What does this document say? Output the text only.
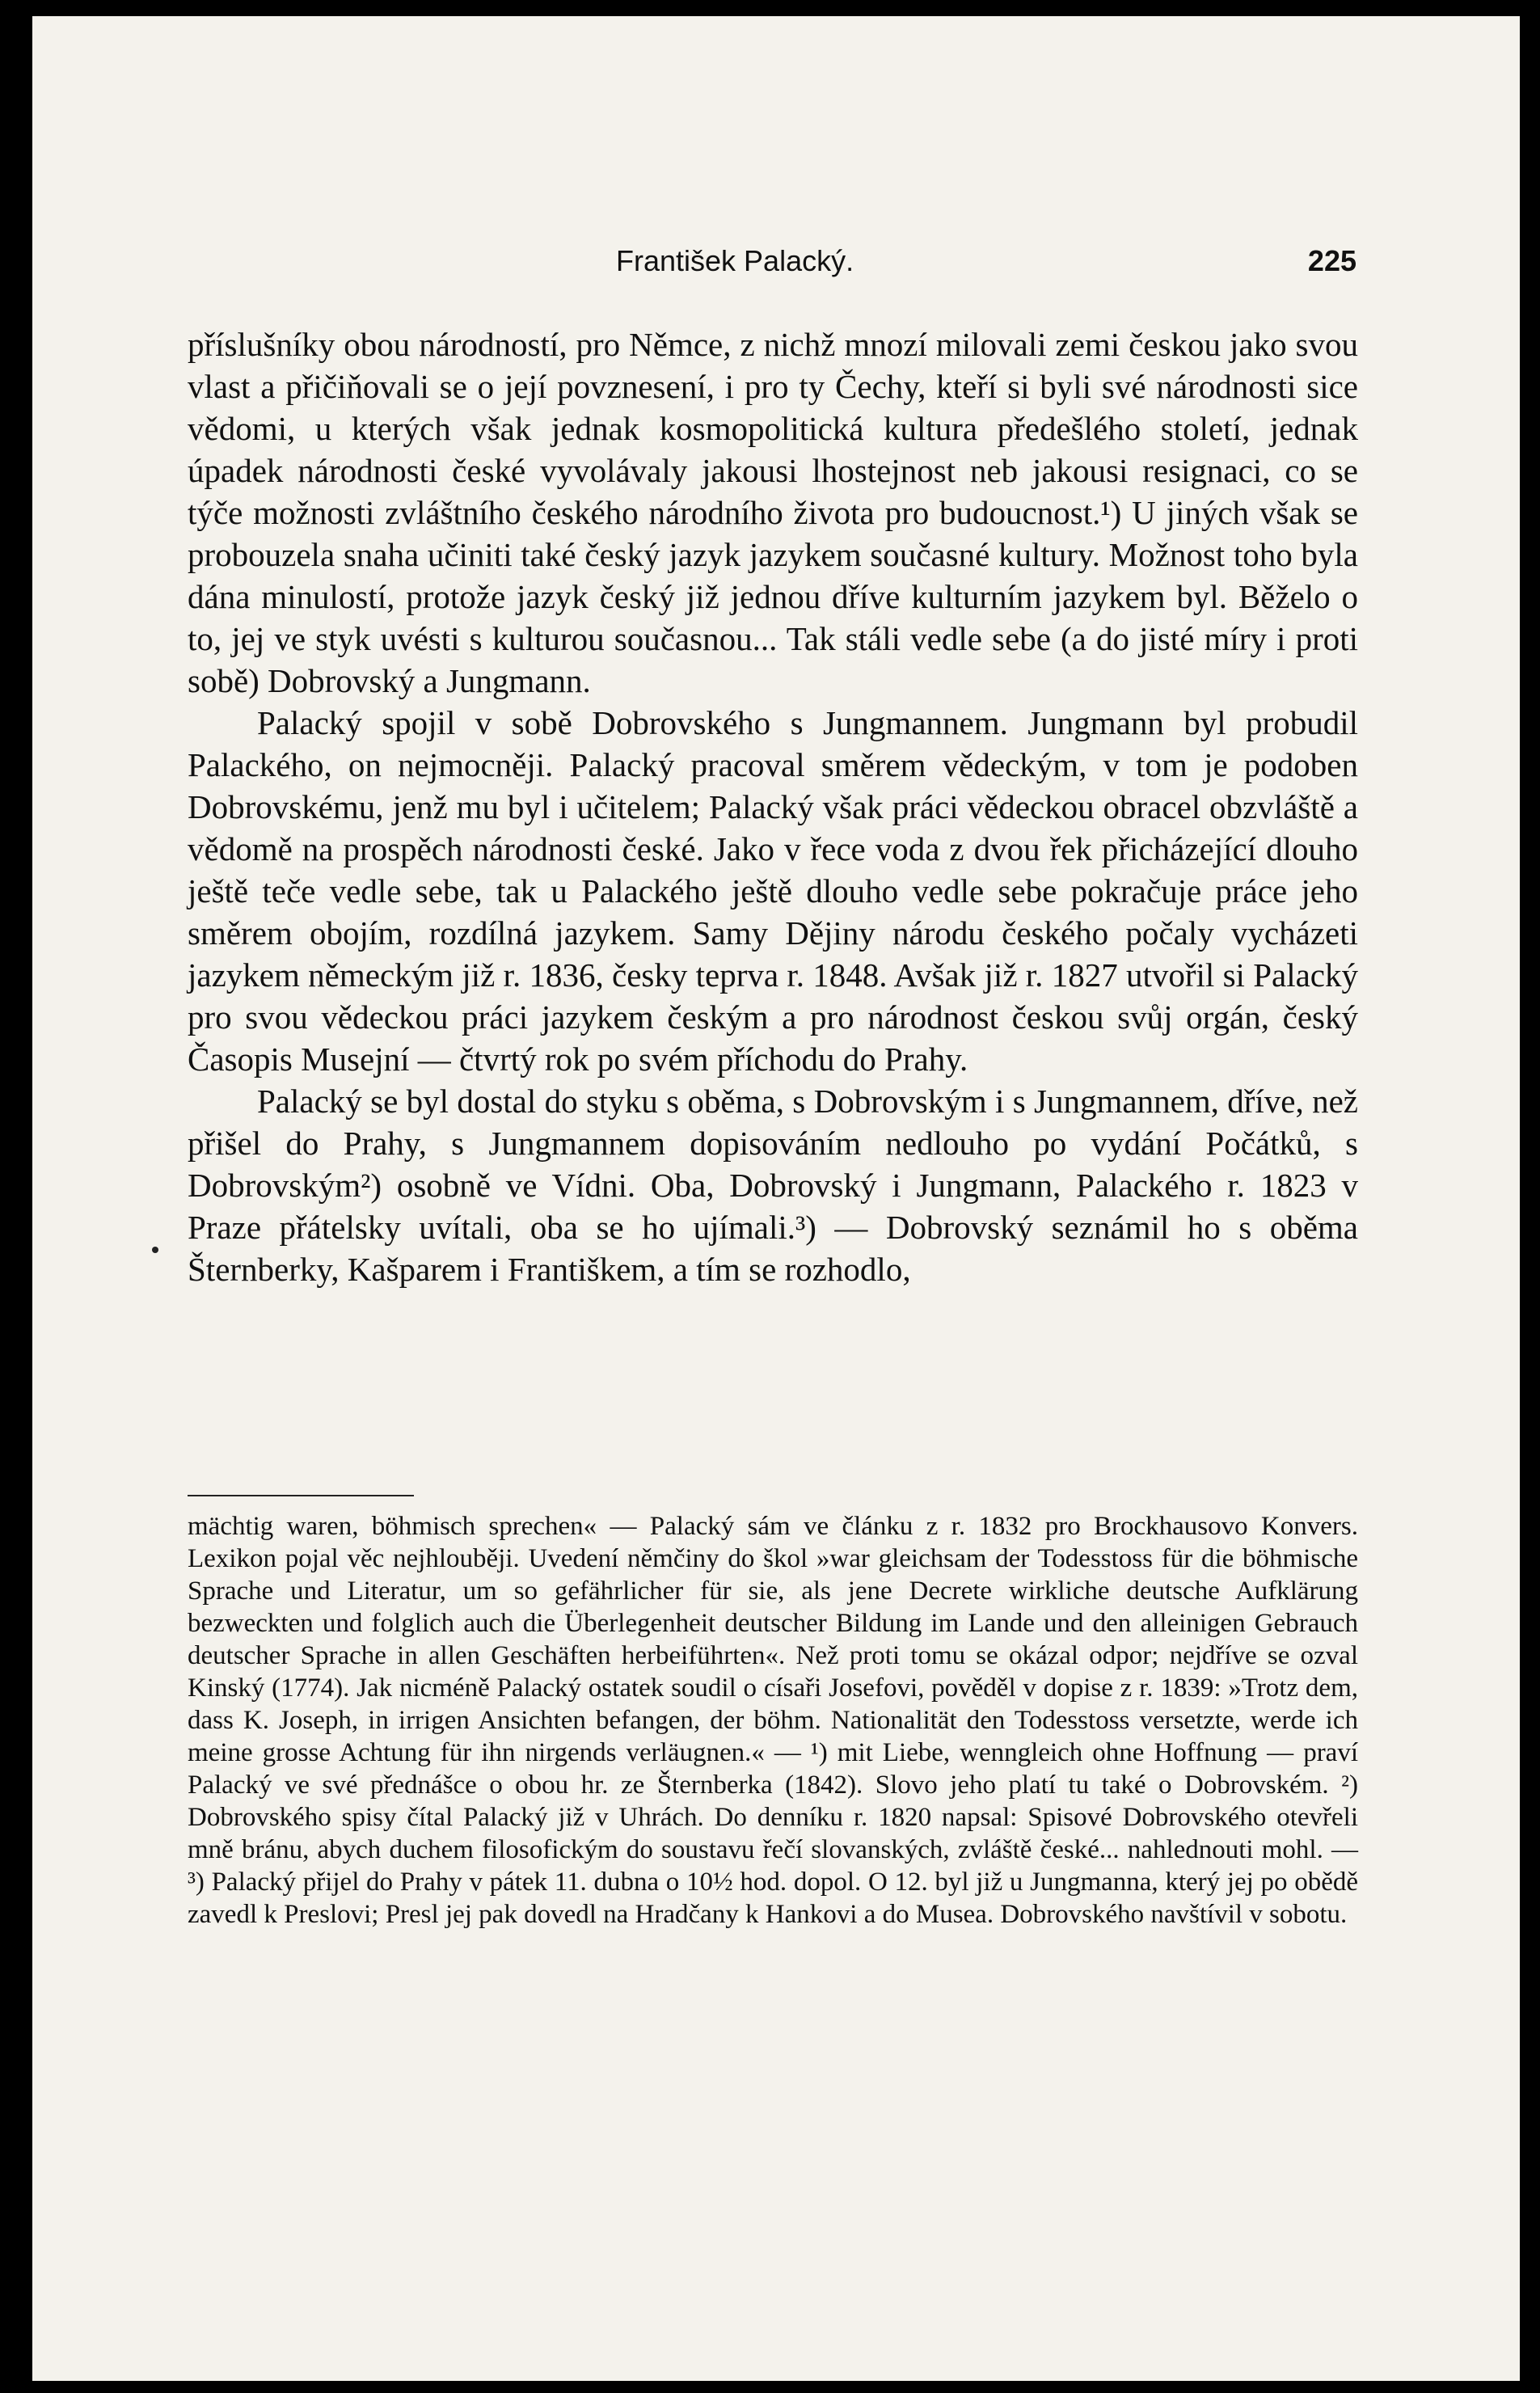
František Palacký.	225

příslušníky obou národností, pro Němce, z nichž mnozí milovali zemi českou jako svou vlast a přičiňovali se o její povznesení, i pro ty Čechy, kteří si byli své národnosti sice vědomi, u kterých však jednak kosmopolitická kultura předešlého století, jednak úpadek národnosti české vyvolávaly jakousi lhostejnost neb jakousi resignaci, co se týče možnosti zvláštního českého národního života pro budoucnost.¹) U jiných však se probouzela snaha učiniti také český jazyk jazykem současné kultury. Možnost toho byla dána minulostí, protože jazyk český již jednou dříve kulturním jazykem byl. Běželo o to, jej ve styk uvésti s kulturou současnou... Tak stáli vedle sebe (a do jisté míry i proti sobě) Dobrovský a Jungmann.

Palacký spojil v sobě Dobrovského s Jungmannem. Jungmann byl probudil Palackého, on nejmocněji. Palacký pracoval směrem vědeckým, v tom je podoben Dobrovskému, jenž mu byl i učitelem; Palacký však práci vědeckou obracel obzvláště a vědomě na prospěch národnosti české. Jako v řece voda z dvou řek přicházející dlouho ještě teče vedle sebe, tak u Palackého ještě dlouho vedle sebe pokračuje práce jeho směrem obojím, rozdílná jazykem. Samy Dějiny národu českého počaly vycházeti jazykem německým již r. 1836, česky teprva r. 1848. Avšak již r. 1827 utvořil si Palacký pro svou vědeckou práci jazykem českým a pro národnost českou svůj orgán, český Časopis Musejní — čtvrtý rok po svém příchodu do Prahy.

Palacký se byl dostal do styku s oběma, s Dobrovským i s Jungmannem, dříve, než přišel do Prahy, s Jungmannem dopisováním nedlouho po vydání Počátků, s Dobrovským²) osobně ve Vídni. Oba, Dobrovský i Jungmann, Palackého r. 1823 v Praze přátelsky uvítali, oba se ho ujímali.³) — Dobrovský seznámil ho s oběma Šternberky, Kašparem i Františkem, a tím se rozhodlo,

mächtig waren, böhmisch sprechen« — Palacký sám ve článku z r. 1832 pro Brockhausovo Konvers. Lexikon pojal věc nejhlouběji. Uvedení němčiny do škol »war gleichsam der Todesstoss für die böhmische Sprache und Literatur, um so gefährlicher für sie, als jene Decrete wirkliche deutsche Aufklärung bezweckten und folglich auch die Überlegenheit deutscher Bildung im Lande und den alleinigen Gebrauch deutscher Sprache in allen Geschäften herbeiführten«. Než proti tomu se okázal odpor; nejdříve se ozval Kinský (1774). Jak nicméně Palacký ostatek soudil o císaři Josefovi, pověděl v dopise z r. 1839: »Trotz dem, dass K. Joseph, in irrigen Ansichten befangen, der böhm. Nationalität den Todesstoss versetzte, werde ich meine grosse Achtung für ihn nirgends verläugnen.« — ¹) mit Liebe, wenngleich ohne Hoffnung — praví Palacký ve své přednášce o obou hr. ze Šternberka (1842). Slovo jeho platí tu také o Dobrovském. ²) Dobrovského spisy čítal Palacký již v Uhrách. Do denníku r. 1820 napsal: Spisové Dobrovského otevřeli mně bránu, abych duchem filosofickým do soustavu řečí slovanských, zvláště české... nahlednouti mohl. — ³) Palacký přijel do Prahy v pátek 11. dubna o 10½ hod. dopol. O 12. byl již u Jungmanna, který jej po obědě zavedl k Preslovi; Presl jej pak dovedl na Hradčany k Hankovi a do Musea. Dobrovského navštívil v sobotu.
